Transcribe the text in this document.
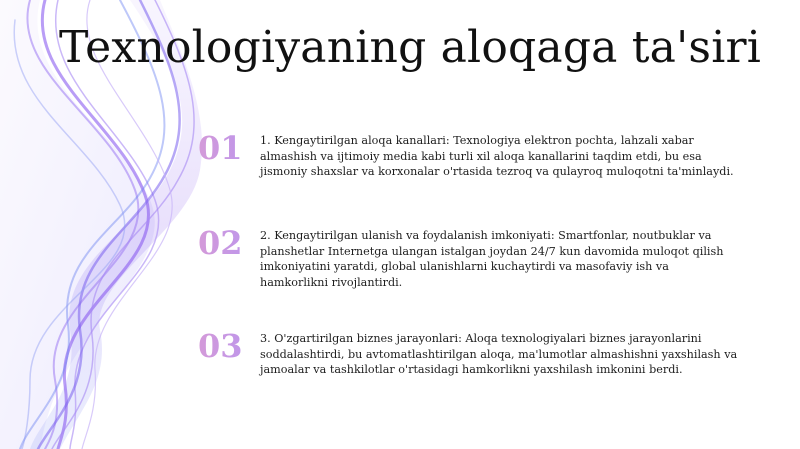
Texnologiyaning aloqaga ta'siri
01	1. Kengaytirilgan aloqa kanallari: Texnologiya elektron pochta, lahzali xabar almashish va ijtimoiy media kabi turli xil aloqa kanallarini taqdim etdi, bu esa jismoniy shaxslar va korxonalar o'rtasida tezroq va qulayroq muloqotni ta'minlaydi.
02	2. Kengaytirilgan ulanish va foydalanish imkoniyati: Smartfonlar, noutbuklar va planshetlar Internetga ulangan istalgan joydan 24/7 kun davomida muloqot qilish imkoniyatini yaratdi, global ulanishlarni kuchaytirdi va masofaviy ish va hamkorlikni rivojlantirdi.
03	3. O'zgartirilgan biznes jarayonlari: Aloqa texnologiyalari biznes jarayonlarini soddalashtirdi, bu avtomatlashtirilgan aloqa, ma'lumotlar almashishni yaxshilash va jamoalar va tashkilotlar o'rtasidagi hamkorlikni yaxshilash imkonini berdi.
